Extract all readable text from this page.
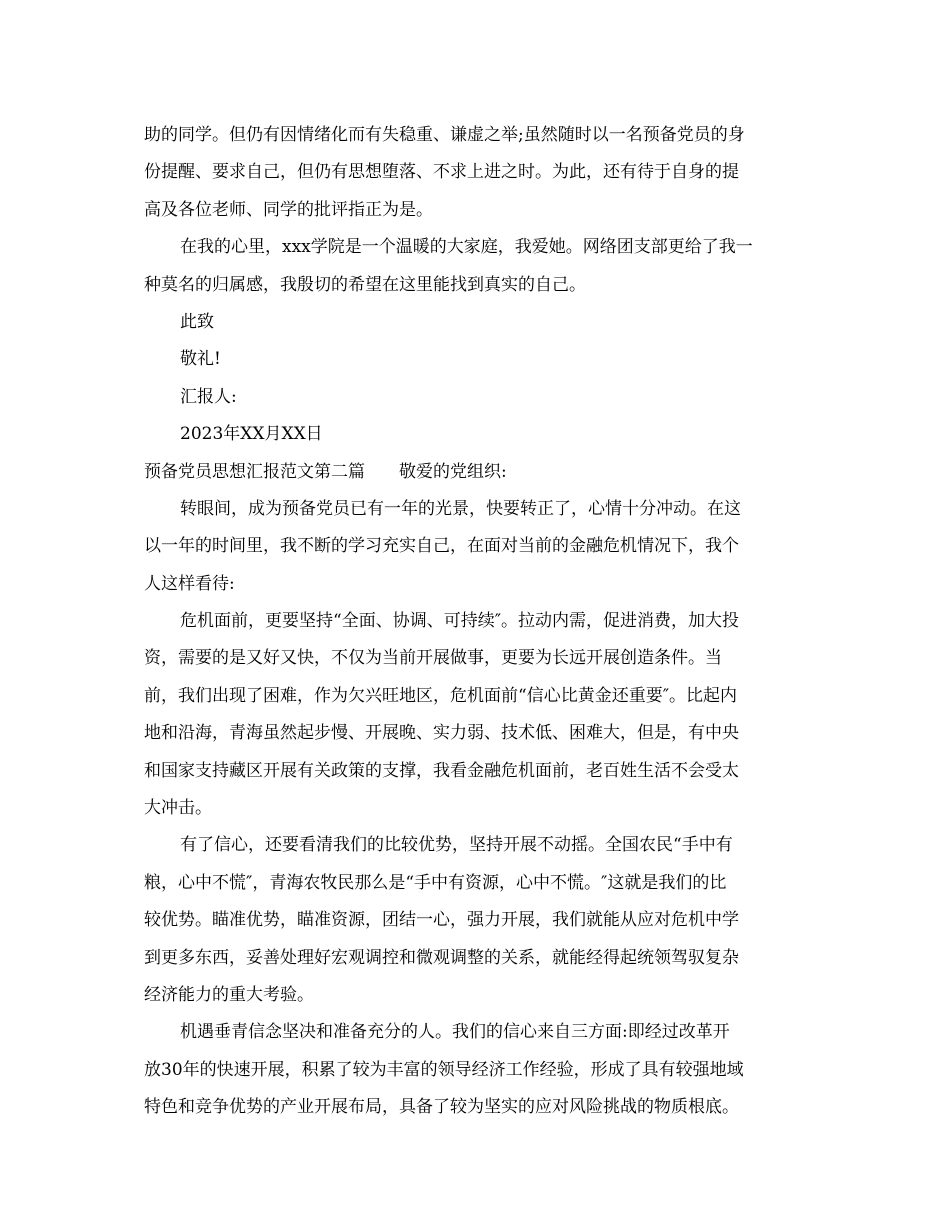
助的同学。但仍有因情绪化而有失稳重、谦虚之举;虽然随时以一名预备党员的身
份提醒、要求自己，但仍有思想堕落、不求上进之时。为此，还有待于自身的提
高及各位老师、同学的批评指正为是。
在我的心里，xxx学院是一个温暖的大家庭，我爱她。网络团支部更给了我一
种莫名的归属感，我殷切的希望在这里能找到真实的自己。
此致
敬礼!
汇报人:
2023年XX月XX日
预备党员思想汇报范文第二篇　　敬爱的党组织:
转眼间，成为预备党员已有一年的光景，快要转正了，心情十分冲动。在这
以一年的时间里，我不断的学习充实自己，在面对当前的金融危机情况下，我个
人这样看待:
危机面前，更要坚持“全面、协调、可持续″。拉动内需，促进消费，加大投
资，需要的是又好又快，不仅为当前开展做事，更要为长远开展创造条件。当
前，我们出现了困难，作为欠兴旺地区，危机面前“信心比黄金还重要″。比起内
地和沿海，青海虽然起步慢、开展晚、实力弱、技术低、困难大，但是，有中央
和国家支持藏区开展有关政策的支撑，我看金融危机面前，老百姓生活不会受太
大冲击。
有了信心，还要看清我们的比较优势，坚持开展不动摇。全国农民“手中有
粮，心中不慌″，青海农牧民那么是“手中有资源，心中不慌。″这就是我们的比
较优势。瞄准优势，瞄准资源，团结一心，强力开展，我们就能从应对危机中学
到更多东西，妥善处理好宏观调控和微观调整的关系，就能经得起统领驾驭复杂
经济能力的重大考验。
机遇垂青信念坚决和准备充分的人。我们的信心来自三方面:即经过改革开
放30年的快速开展，积累了较为丰富的领导经济工作经验，形成了具有较强地域
特色和竞争优势的产业开展布局，具备了较为坚实的应对风险挑战的物质根底。
